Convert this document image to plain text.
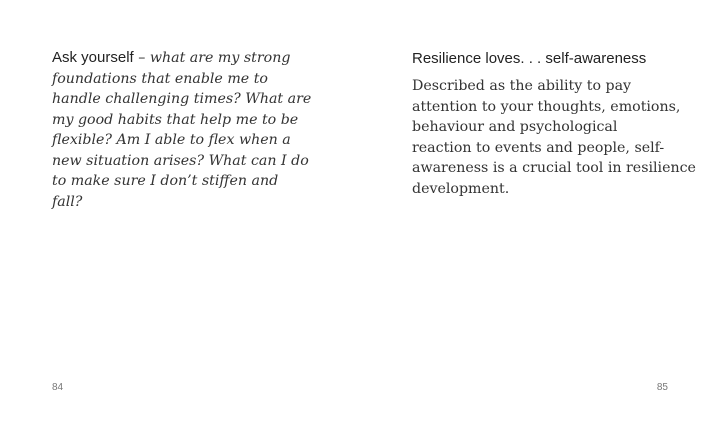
Ask yourself – what are my strong foundations that enable me to handle challenging times? What are my good habits that help me to be flexible? Am I able to flex when a new situation arises? What can I do to make sure I don’t stiffen and fall?

84
Resilience loves. . . self-awareness
Described as the ability to pay
attention to your thoughts, emotions,
behaviour and psychological
reaction to events and people, self-
awareness is a crucial tool in resilience
development.
85
